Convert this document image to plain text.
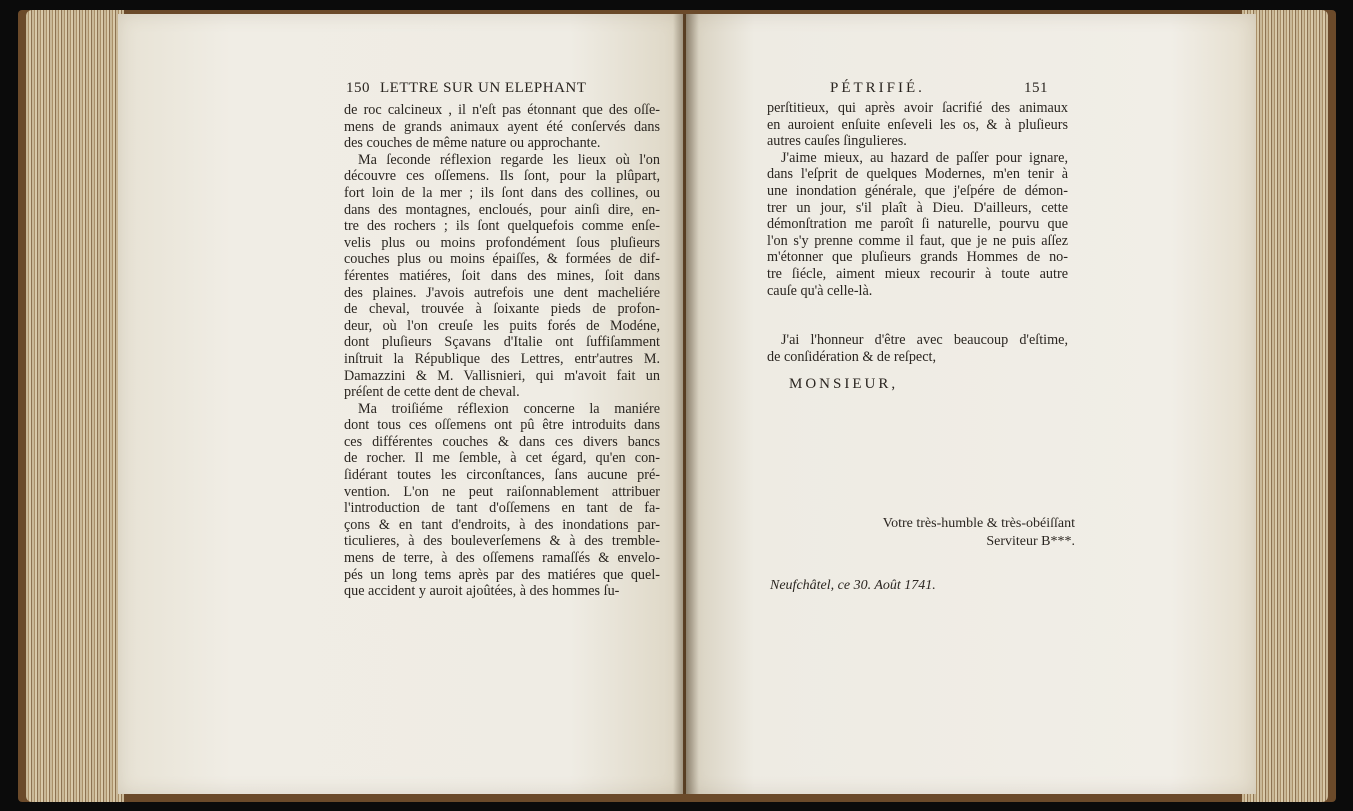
150 LETTRE SUR UN ELEPHANT
de roc calcineux , il n'eſt pas étonnant que des oſſe-
mens de grands animaux ayent été conſervés dans
des couches de même nature ou approchante.
Ma ſeconde réflexion regarde les lieux où l'on
découvre ces oſſemens. Ils ſont, pour la plûpart,
fort loin de la mer ; ils ſont dans des collines, ou
dans des montagnes, encloués, pour ainſi dire, en-
tre des rochers ; ils ſont quelquefois comme enſe-
velis plus ou moins profondément ſous pluſieurs
couches plus ou moins épaiſſes, & formées de dif-
férentes matiéres, ſoit dans des mines, ſoit dans
des plaines. J'avois autrefois une dent macheliére
de cheval, trouvée à ſoixante pieds de profon-
deur, où l'on creuſe les puits forés de Modéne,
dont pluſieurs Sçavans d'Italie ont ſuffiſamment
inſtruit la République des Lettres, entr'autres M.
Damazzini & M. Vallisnieri, qui m'avoit fait un
préſent de cette dent de cheval.
Ma troiſiéme réflexion concerne la maniére
dont tous ces oſſemens ont pû être introduits dans
ces différentes couches & dans ces divers bancs
de rocher. Il me ſemble, à cet égard, qu'en con-
ſidérant toutes les circonſtances, ſans aucune pré-
vention. L'on ne peut raiſonnablement attribuer
l'introduction de tant d'oſſemens en tant de fa-
çons & en tant d'endroits, à des inondations par-
ticulieres, à des bouleverſemens & à des tremble-
mens de terre, à des oſſemens ramaſſés & envelo-
pés un long tems après par des matiéres que quel-
que accident y auroit ajoûtées, à des hommes ſu-
PÉTRIFIÉ.	151
perſtitieux, qui après avoir ſacrifié des animaux
en auroient enſuite enſeveli les os, & à pluſieurs
autres cauſes ſingulieres.
J'aime mieux, au hazard de paſſer pour ignare,
dans l'eſprit de quelques Modernes, m'en tenir à
une inondation générale, que j'eſpére de démon-
trer un jour, s'il plaît à Dieu. D'ailleurs, cette
démonſtration me paroît ſi naturelle, pourvu que
l'on s'y prenne comme il faut, que je ne puis aſſez
m'étonner que pluſieurs grands Hommes de no-
tre ſiécle, aiment mieux recourir à toute autre
cauſe qu'à celle-là.
J'ai l'honneur d'être avec beaucoup d'eſtime,
de conſidération & de reſpect,
MONSIEUR,
Votre très-humble & très-obéiſſant
Serviteur B***.
Neufchâtel, ce 30. Août 1741.
